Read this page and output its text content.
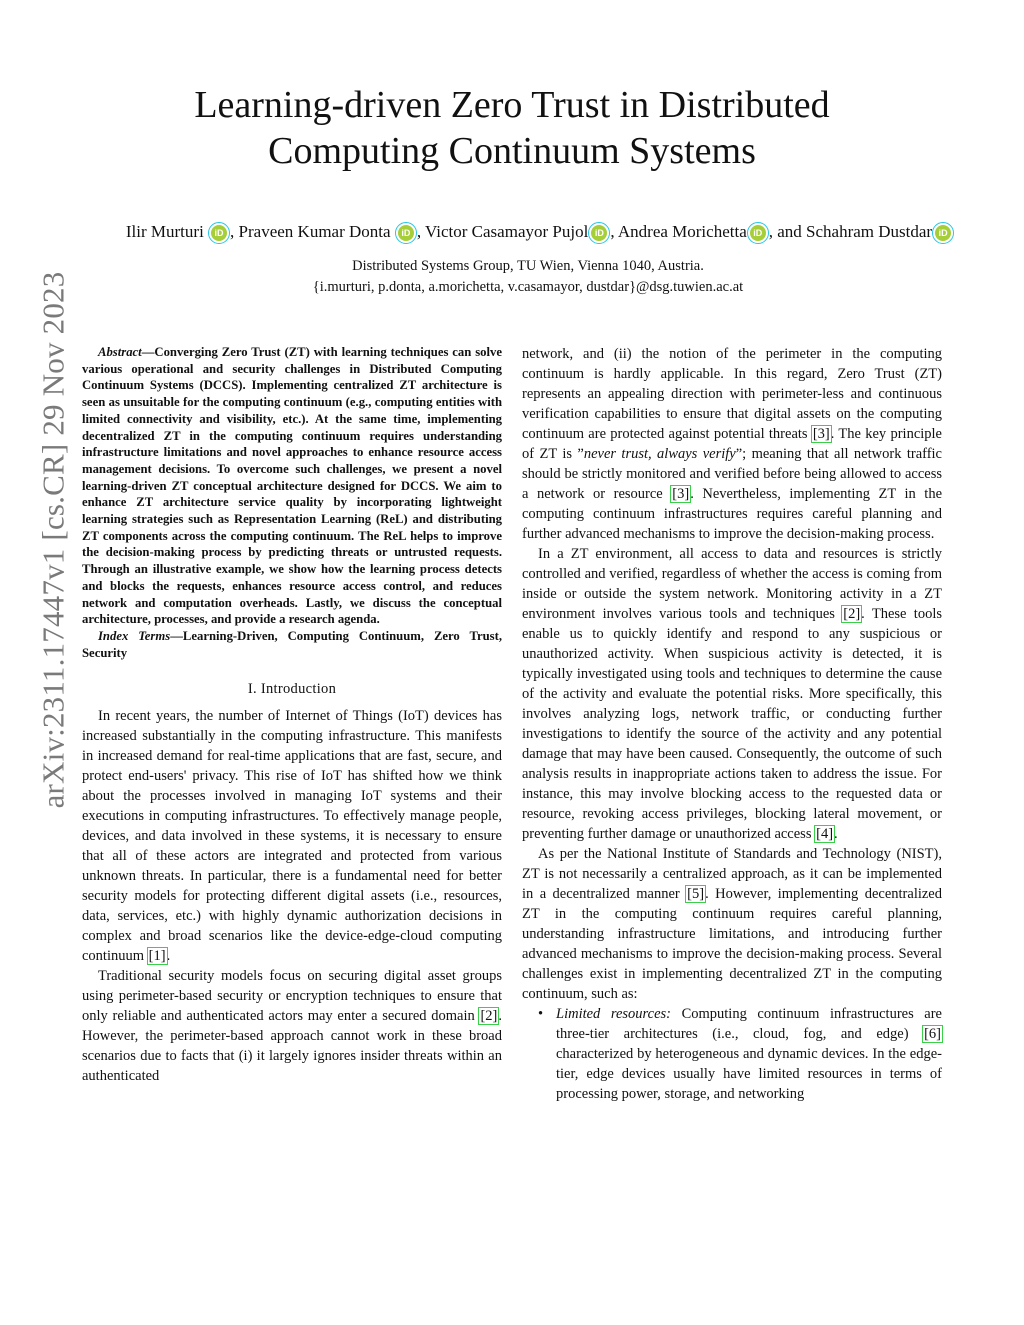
arXiv:2311.17447v1 [cs.CR] 29 Nov 2023
Learning-driven Zero Trust in Distributed Computing Continuum Systems
Ilir Murturi iD , Praveen Kumar Donta iD , Victor Casamayor Pujol iD , Andrea Morichetta iD , and Schahram Dustdar iD
Distributed Systems Group, TU Wien, Vienna 1040, Austria.
{i.murturi, p.donta, a.morichetta, v.casamayor, dustdar}@dsg.tuwien.ac.at

Abstract—Converging Zero Trust (ZT) with learning techniques can solve various operational and security challenges in Distributed Computing Continuum Systems (DCCS). Implementing centralized ZT architecture is seen as unsuitable for the computing continuum (e.g., computing entities with limited connectivity and visibility, etc.). At the same time, implementing decentralized ZT in the computing continuum requires understanding infrastructure limitations and novel approaches to enhance resource access management decisions. To overcome such challenges, we present a novel learning-driven ZT conceptual architecture designed for DCCS. We aim to enhance ZT architecture service quality by incorporating lightweight learning strategies such as Representation Learning (ReL) and distributing ZT components across the computing continuum. The ReL helps to improve the decision-making process by predicting threats or untrusted requests. Through an illustrative example, we show how the learning process detects and blocks the requests, enhances resource access control, and reduces network and computation overheads. Lastly, we discuss the conceptual architecture, processes, and provide a research agenda.

Index Terms—Learning-Driven, Computing Continuum, Zero Trust, Security

I. Introduction

In recent years, the number of Internet of Things (IoT) devices has increased substantially in the computing infrastructure. This manifests in increased demand for real-time applications that are fast, secure, and protect end-users' privacy. This rise of IoT has shifted how we think about the processes involved in managing IoT systems and their executions in computing infrastructures. To effectively manage people, devices, and data involved in these systems, it is necessary to ensure that all of these actors are integrated and protected from various unknown threats. In particular, there is a fundamental need for better security models for protecting different digital assets (i.e., resources, data, services, etc.) with highly dynamic authorization decisions in complex and broad scenarios like the device-edge-cloud computing continuum [1].

Traditional security models focus on securing digital asset groups using perimeter-based security or encryption techniques to ensure that only reliable and authenticated actors may enter a secured domain [2]. However, the perimeter-based approach cannot work in these broad scenarios due to facts that (i) it largely ignores insider threats within an authenticated

network, and (ii) the notion of the perimeter in the computing continuum is hardly applicable. In this regard, Zero Trust (ZT) represents an appealing direction with perimeter-less and continuous verification capabilities to ensure that digital assets on the computing continuum are protected against potential threats [3]. The key principle of ZT is ”never trust, always verify”; meaning that all network traffic should be strictly monitored and verified before being allowed to access a network or resource [3]. Nevertheless, implementing ZT in the computing continuum infrastructures requires careful planning and further advanced mechanisms to improve the decision-making process.

In a ZT environment, all access to data and resources is strictly controlled and verified, regardless of whether the access is coming from inside or outside the system network. Monitoring activity in a ZT environment involves various tools and techniques [2]. These tools enable us to quickly identify and respond to any suspicious or unauthorized activity. When suspicious activity is detected, it is typically investigated using tools and techniques to determine the cause of the activity and evaluate the potential risks. More specifically, this involves analyzing logs, network traffic, or conducting further investigations to identify the source of the activity and any potential damage that may have been caused. Consequently, the outcome of such analysis results in inappropriate actions taken to address the issue. For instance, this may involve blocking access to the requested data or resource, revoking access privileges, blocking lateral movement, or preventing further damage or unauthorized access [4].

As per the National Institute of Standards and Technology (NIST), ZT is not necessarily a centralized approach, as it can be implemented in a decentralized manner [5]. However, implementing decentralized ZT in the computing continuum requires careful planning, understanding infrastructure limitations, and introducing further advanced mechanisms to improve the decision-making process. Several challenges exist in implementing decentralized ZT in the computing continuum, such as:

• Limited resources: Computing continuum infrastructures are three-tier architectures (i.e., cloud, fog, and edge) [6] characterized by heterogeneous and dynamic devices. In the edge-tier, edge devices usually have limited resources in terms of processing power, storage, and networking
